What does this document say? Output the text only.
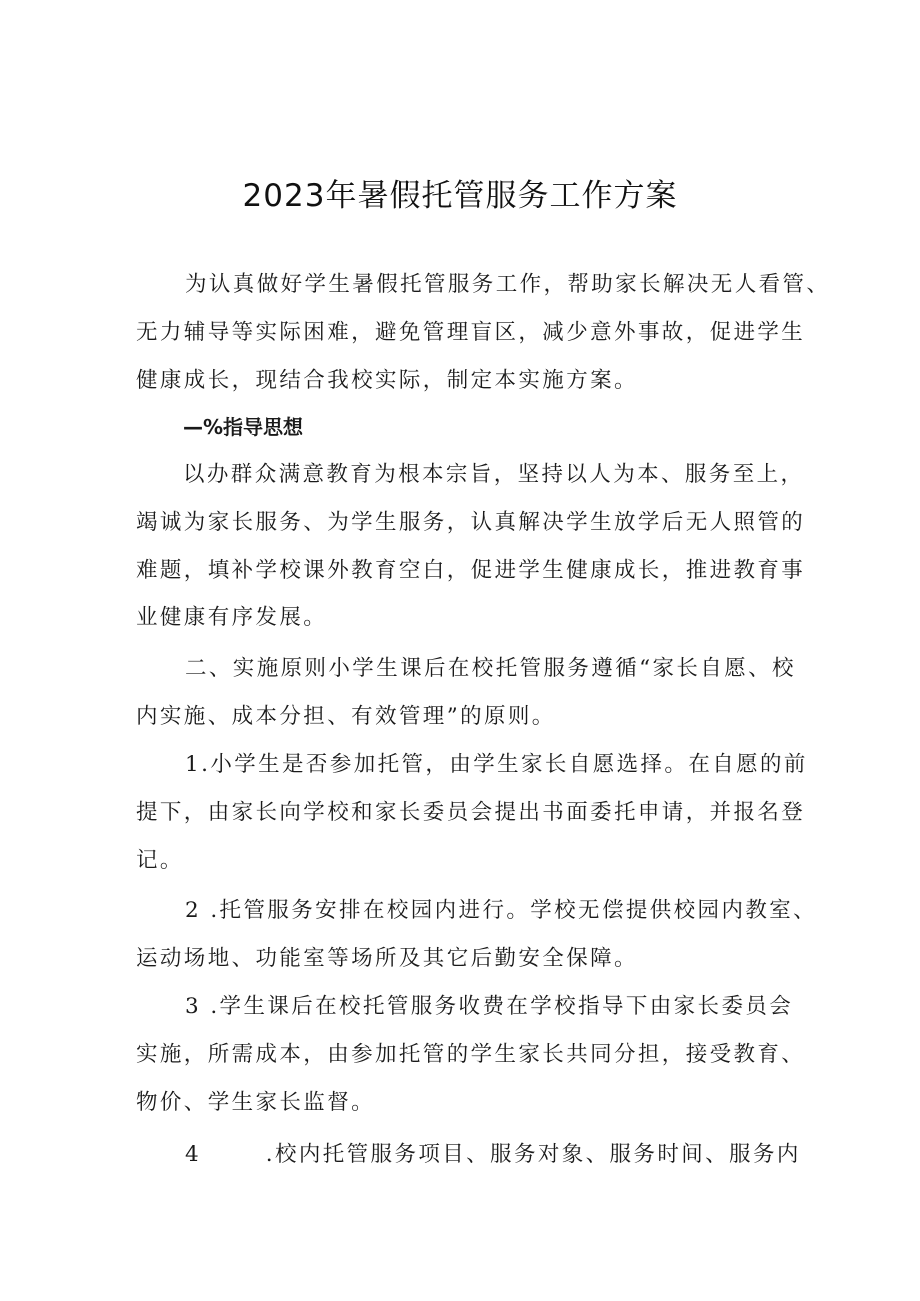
2023年暑假托管服务工作方案
为认真做好学生暑假托管服务工作，帮助家长解决无人看管、
无力辅导等实际困难，避免管理盲区，减少意外事故，促进学生
健康成长，现结合我校实际，制定本实施方案。
—%指导思想
以办群众满意教育为根本宗旨，坚持以人为本、服务至上，
竭诚为家长服务、为学生服务，认真解决学生放学后无人照管的
难题，填补学校课外教育空白，促进学生健康成长，推进教育事
业健康有序发展。
二、实施原则小学生课后在校托管服务遵循“家长自愿、校
内实施、成本分担、有效管理”的原则。
1.小学生是否参加托管，由学生家长自愿选择。在自愿的前
提下，由家长向学校和家长委员会提出书面委托申请，并报名登
记。
2 .托管服务安排在校园内进行。学校无偿提供校园内教室、
运动场地、功能室等场所及其它后勤安全保障。
3 .学生课后在校托管服务收费在学校指导下由家长委员会
实施，所需成本，由参加托管的学生家长共同分担，接受教育、
物价、学生家长监督。
4       .校内托管服务项目、服务对象、服务时间、服务内
